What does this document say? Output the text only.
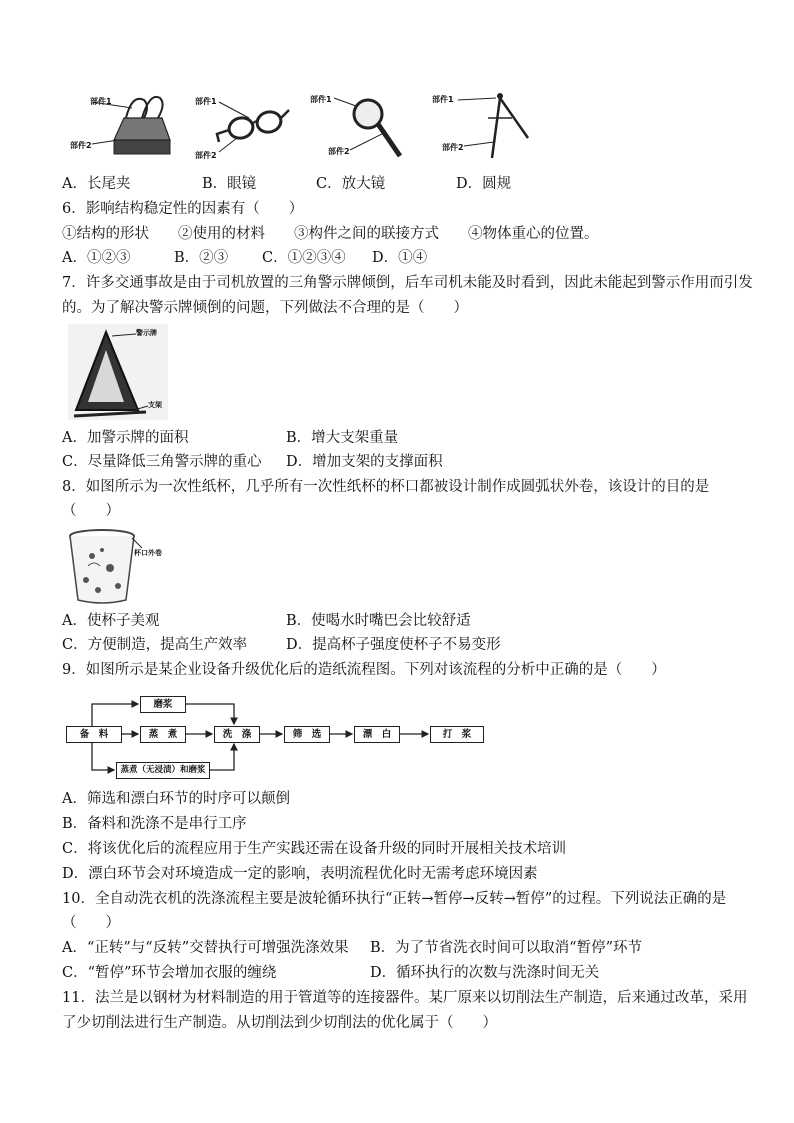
部件1
部件2
部件1
部件2
部件1
部件2
部件1
部件2
A．长尾夹	B．眼镜	C．放大镜	D．圆规
6．影响结构稳定性的因素有（　　）
①结构的形状　　②使用的材料　　③构件之间的联接方式　　④物体重心的位置。
A．①②③	B．②③ C．①②③④ D．①④
7．许多交通事故是由于司机放置的三角警示牌倾倒，后车司机未能及时看到，因此未能起到警示作用而引发
的。为了解决警示牌倾倒的问题，下列做法不合理的是（　　）
警示牌
支架
A．加警示牌的面积	B．增大支架重量
C．尽量降低三角警示牌的重心 D．增加支架的支撑面积
8．如图所示为一次性纸杯，几乎所有一次性纸杯的杯口都被设计制作成圆弧状外卷，该设计的目的是
（　　）
杯口外卷
A．使杯子美观	B．使喝水时嘴巴会比较舒适
C．方便制造，提高生产效率	D．提高杯子强度使杯子不易变形
9．如图所示是某企业设备升级优化后的造纸流程图。下列对该流程的分析中正确的是（　　）
磨浆
备　料	蒸　煮	洗　涤	筛　选	漂　白	打　浆
蒸煮（无浸渍）和磨浆
A．筛选和漂白环节的时序可以颠倒
B．备料和洗涤不是串行工序
C．将该优化后的流程应用于生产实践还需在设备升级的同时开展相关技术培训
D．漂白环节会对环境造成一定的影响，表明流程优化时无需考虑环境因素
10．全自动洗衣机的洗涤流程主要是波轮循环执行“正转→暂停→反转→暂停”的过程。下列说法正确的是
（　　）
A．“正转”与“反转”交替执行可增强洗涤效果 B．为了节省洗衣时间可以取消“暂停”环节
C．“暂停”环节会增加衣服的缠绕	D．循环执行的次数与洗涤时间无关
11．法兰是以钢材为材料制造的用于管道等的连接器件。某厂原来以切削法生产制造，后来通过改革，采用
了少切削法进行生产制造。从切削法到少切削法的优化属于（　　）
